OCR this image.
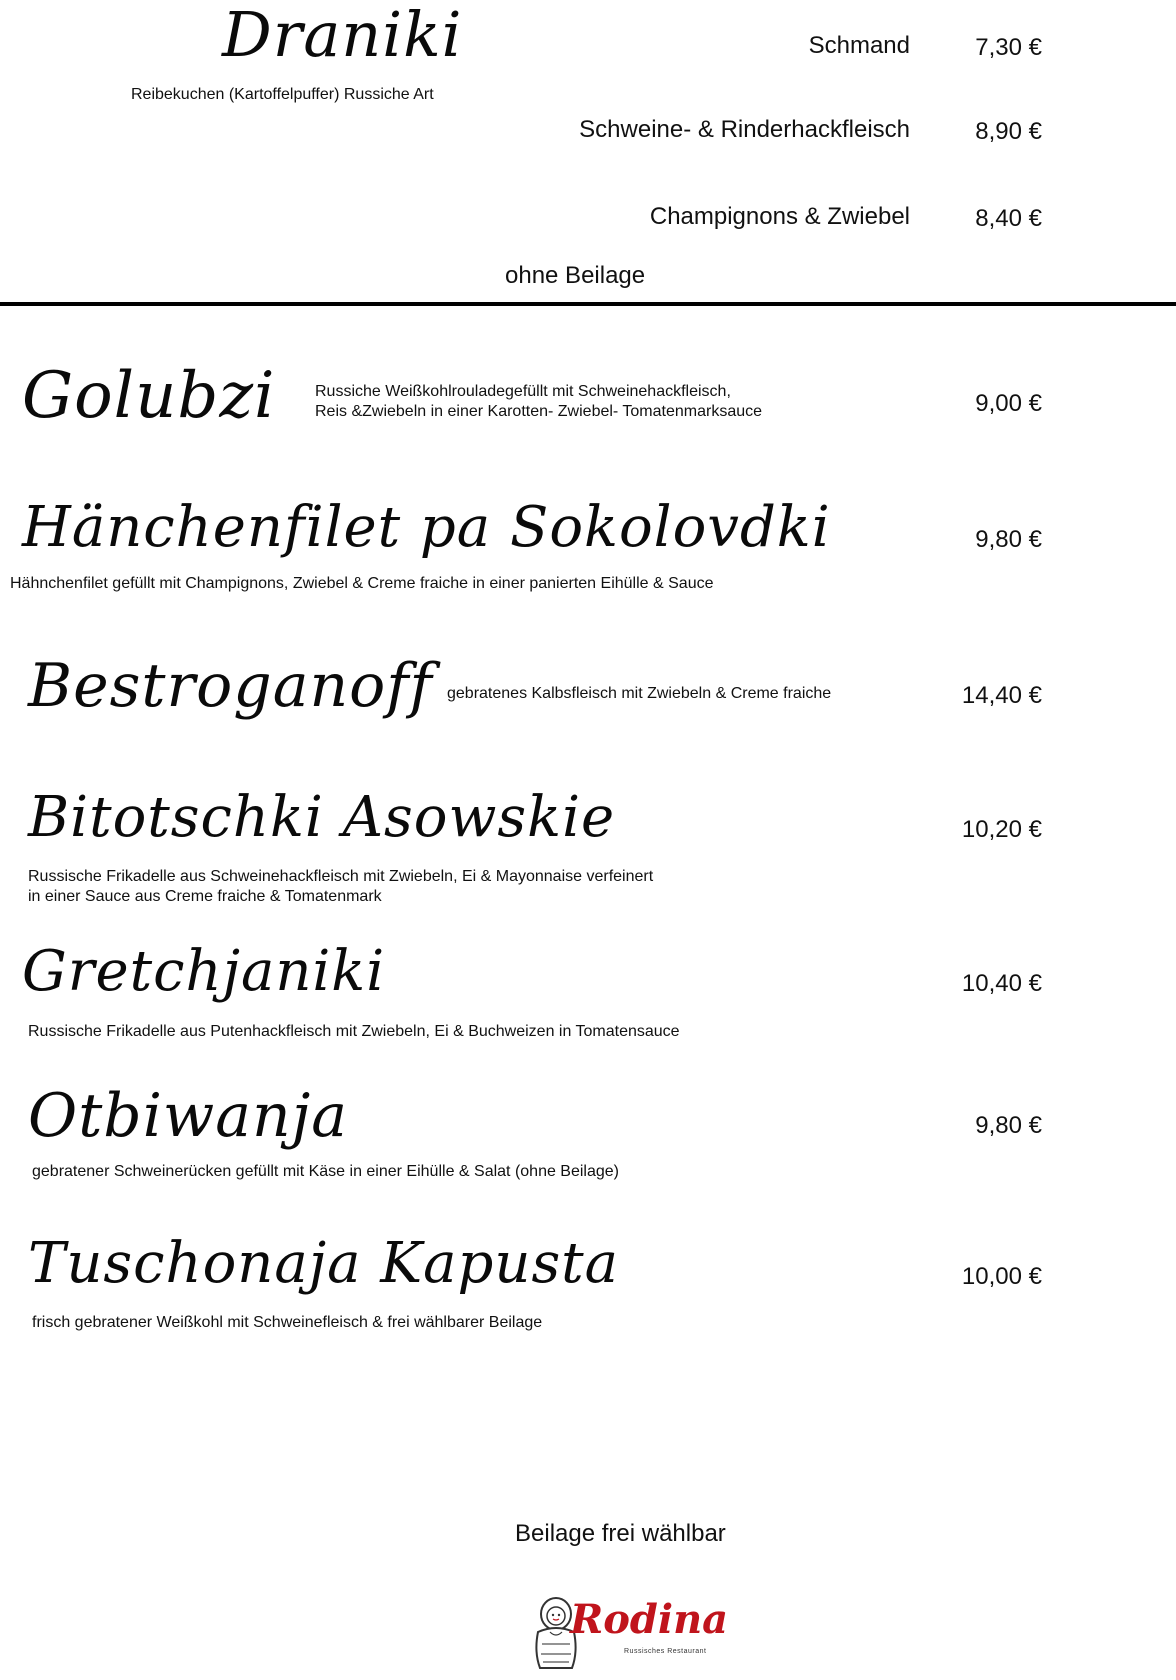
Draniki
Reibekuchen (Kartoffelpuffer) Russiche Art
Schmand	7,30 €
Schweine- & Rinderhackfleisch	8,90 €
Champignons & Zwiebel	8,40 €
ohne Beilage
Golubzi Russiche Weißkohlrouladegefüllt mit Schweinehackfleisch,
Reis &Zwiebeln in einer Karotten- Zwiebel- Tomatenmarksauce	9,00 €
Hänchenfilet pa Sokolovdki
Hähnchenfilet gefüllt mit Champignons, Zwiebel & Creme fraiche in einer panierten Eihülle & Sauce
9,80 €
Bestroganoff gebratenes Kalbsfleisch mit Zwiebeln & Creme fraiche	14,40 €
Bitotschki Asowskie
Russische Frikadelle aus Schweinehackfleisch mit Zwiebeln, Ei & Mayonnaise verfeinert
in einer Sauce aus Creme fraiche & Tomatenmark
10,20 €
Gretchjaniki
Russische Frikadelle aus Putenhackfleisch mit Zwiebeln, Ei & Buchweizen in Tomatensauce
10,40 €
Otbiwanja
gebratener Schweinerücken gefüllt mit Käse in einer Eihülle & Salat (ohne Beilage)
9,80 €
Tuschonaja Kapusta
frisch gebratener Weißkohl mit Schweinefleisch & frei wählbarer Beilage
10,00 €
Beilage frei wählbar
Rodina
Russisches Restaurant
